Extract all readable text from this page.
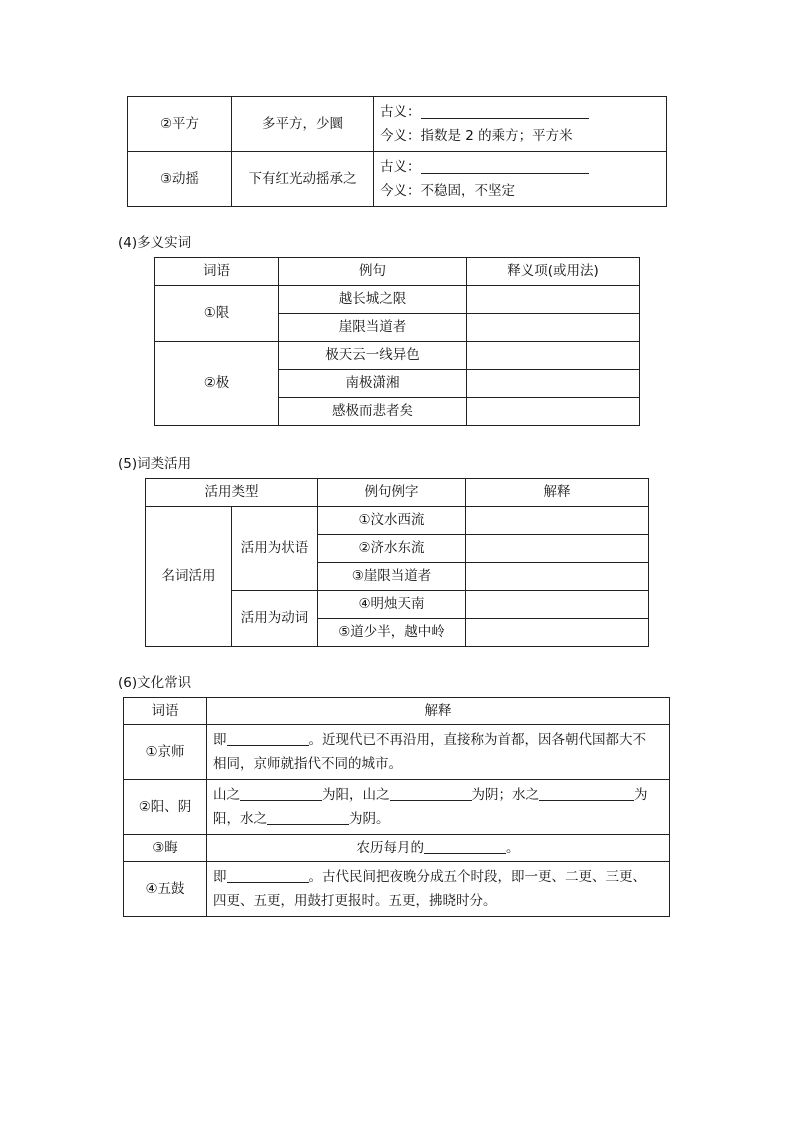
②平方	多平方，少圜	古义：
今义：指数是 2 的乘方；平方米

③动摇	下有红光动摇承之	古义：
今义：不稳固，不坚定
(4)多义实词
词语	例句	释义项(或用法)
①限	越长城之限	
	崖限当道者	
②极	极天云一线异色	
	南极潇湘	
	感极而悲者矣	
(5)词类活用
活用类型		例句例字	解释
名词活用	活用为状语	①汶水西流	
		②济水东流	
		③崖限当道者	
	活用为动词	④明烛天南	
		⑤道少半，越中岭	
(6)文化常识
词语	解释
①京师	即 。近现代已不再沿用，直接称为首都，因各朝代国都大不
相同，京师就指代不同的城市。

②阳、阴	山之 为阳，山之 为阴；水之 为
阳，水之 为阴。

③晦	农历每月的 。
④五鼓	即 。古代民间把夜晚分成五个时段，即一更、二更、三更、
四更、五更，用鼓打更报时。五更，拂晓时分。
